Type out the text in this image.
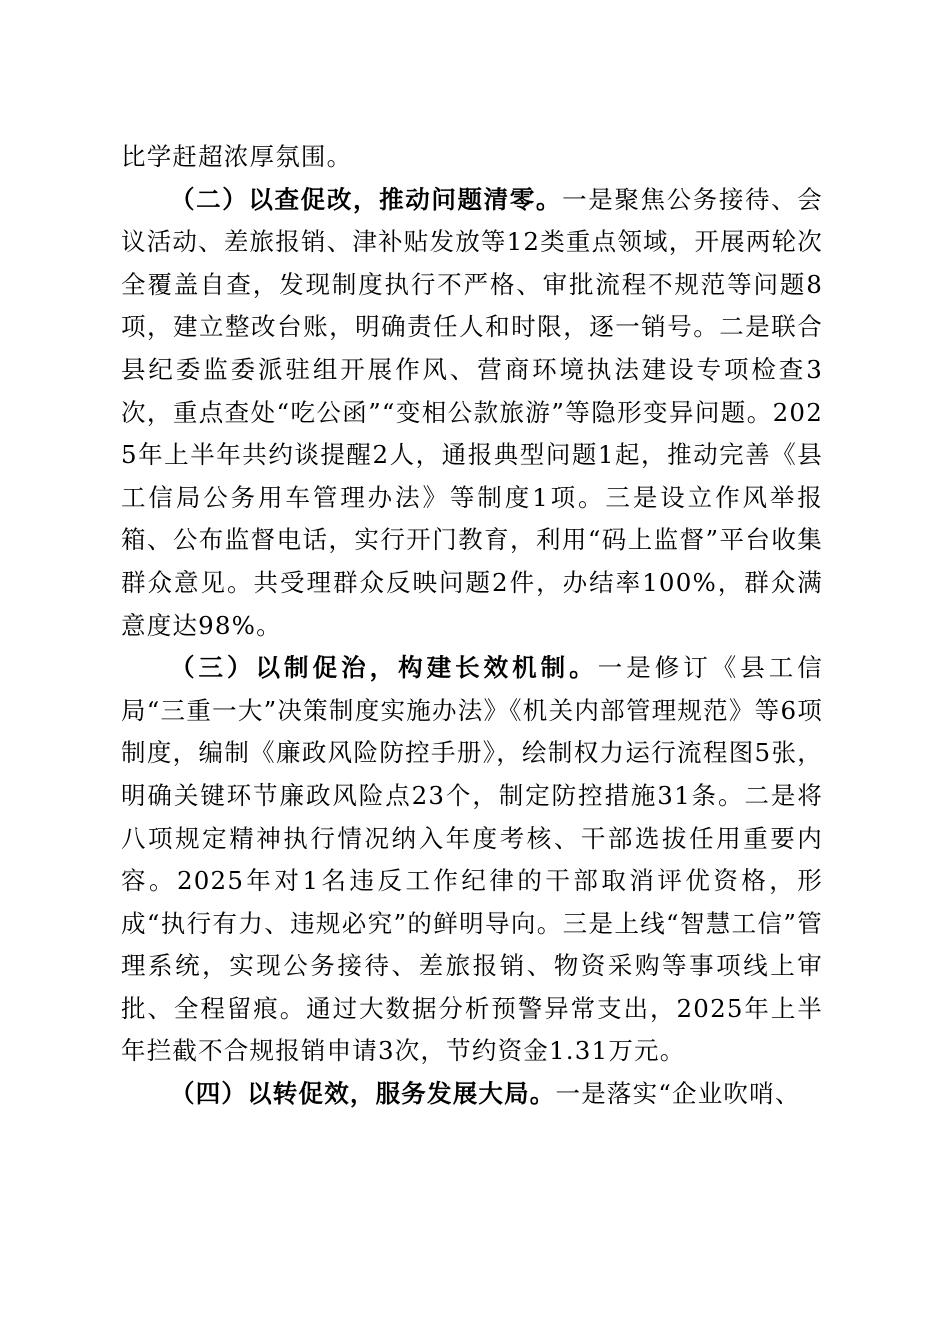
比学赶超浓厚氛围。

（二）以查促改，推动问题清零。一是聚焦公务接待、会议活动、差旅报销、津补贴发放等12类重点领域，开展两轮次全覆盖自查，发现制度执行不严格、审批流程不规范等问题8项，建立整改台账，明确责任人和时限，逐一销号。二是联合县纪委监委派驻组开展作风、营商环境执法建设专项检查3次，重点查处“吃公函”“变相公款旅游”等隐形变异问题。2025年上半年共约谈提醒2人，通报典型问题1起，推动完善《县工信局公务用车管理办法》等制度1项。三是设立作风举报箱、公布监督电话，实行开门教育，利用“码上监督”平台收集群众意见。共受理群众反映问题2件，办结率100%，群众满意度达98%。

（三）以制促治，构建长效机制。一是修订《县工信局“三重一大”决策制度实施办法》《机关内部管理规范》等6项制度，编制《廉政风险防控手册》，绘制权力运行流程图5张，明确关键环节廉政风险点23个，制定防控措施31条。二是将八项规定精神执行情况纳入年度考核、干部选拔任用重要内容。2025年对1名违反工作纪律的干部取消评优资格，形成“执行有力、违规必究”的鲜明导向。三是上线“智慧工信”管理系统，实现公务接待、差旅报销、物资采购等事项线上审批、全程留痕。通过大数据分析预警异常支出，2025年上半年拦截不合规报销申请3次，节约资金1.31万元。

（四）以转促效，服务发展大局。一是落实“企业吹哨、
